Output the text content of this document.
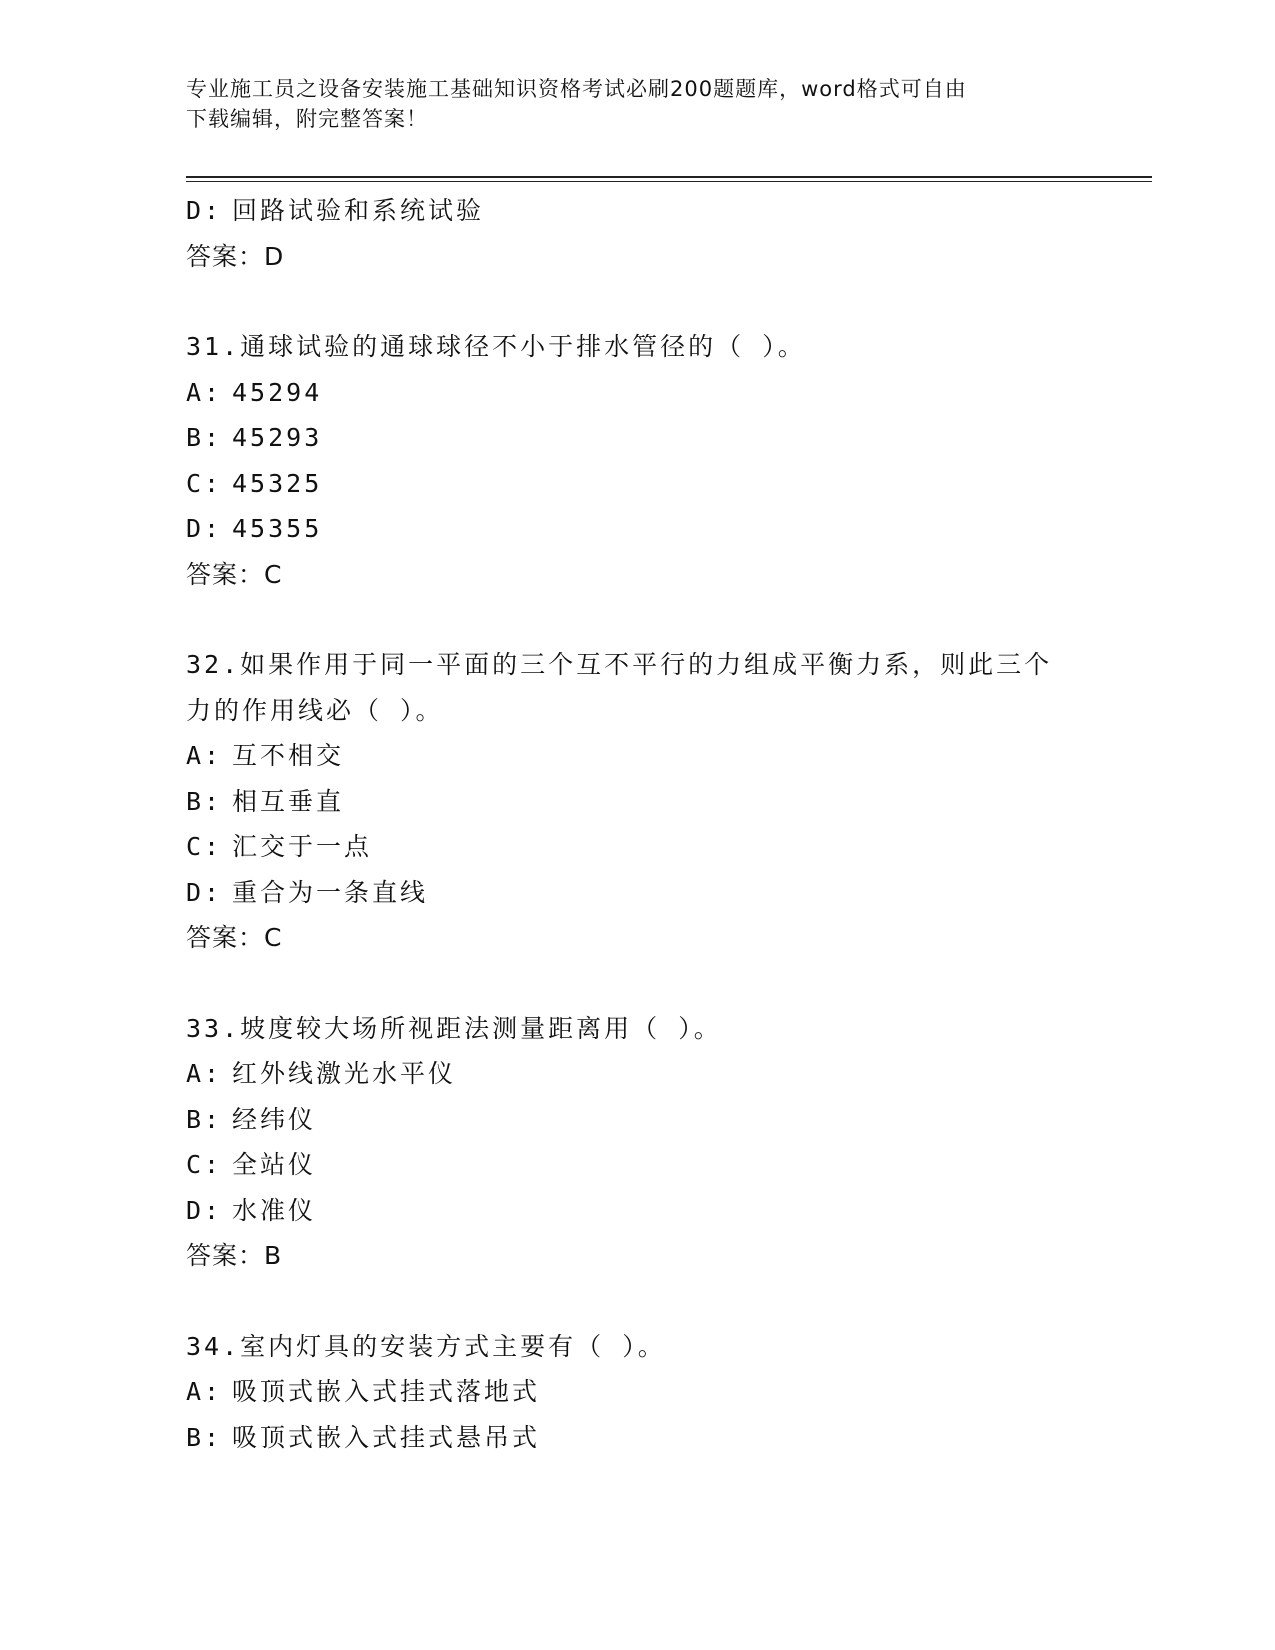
专业施工员之设备安装施工基础知识资格考试必刷200题题库，word格式可自由
下载编辑，附完整答案！
D: 回路试验和系统试验
答案：D
31.通球试验的通球球径不小于排水管径的（ ）。
A: 45294
B: 45293
C: 45325
D: 45355
答案：C
32.如果作用于同一平面的三个互不平行的力组成平衡力系，则此三个
力的作用线必（ ）。
A: 互不相交
B: 相互垂直
C: 汇交于一点
D: 重合为一条直线
答案：C
33.坡度较大场所视距法测量距离用（ ）。
A: 红外线激光水平仪
B: 经纬仪
C: 全站仪
D: 水准仪
答案：B
34.室内灯具的安装方式主要有（ ）。
A: 吸顶式嵌入式挂式落地式
B: 吸顶式嵌入式挂式悬吊式
